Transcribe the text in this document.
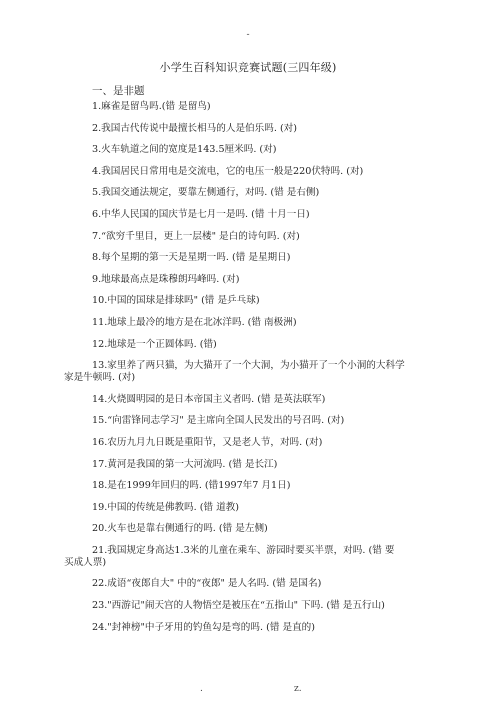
-
小学生百科知识竞赛试题(三四年级)
一、是非题
1.麻雀是留鸟吗.(错 是留鸟)
2.我国古代传说中最擅长相马的人是伯乐吗. (对)
3.火车轨道之间的宽度是143.5厘米吗. (对)
4.我国居民日常用电是交流电，它的电压一般是220伏特吗. (对)
5.我国交通法规定，要靠左侧通行，对吗. (错 是右侧)
6.中华人民国的国庆节是七月一是吗. (错 十月一日)
7.“欲穷千里目，更上一层楼" 是白的诗句吗. (对)
8.每个星期的第一天是星期一吗. (错 是星期日)
9.地球最高点是珠穆朗玛峰吗. (对)
10.中国的国球是排球吗" (错 是乒乓球)
11.地球上最冷的地方是在北冰洋吗. (错 南极洲)
12.地球是一个正圆体吗. (错)
13.家里养了两只猫，为大猫开了一个大洞，为小猫开了一个小洞的大科学
家是牛顿吗. (对)
14.火烧圆明园的是日本帝国主义者吗. (错 是英法联军)
15.“向雷锋同志学习" 是主席向全国人民发出的号召吗. (对)
16.农历九月九日既是重阳节，又是老人节，对吗. (对)
17.黄河是我国的第一大河流吗. (错 是长江)
18.是在1999年回归的吗. (错1997年7 月1日)
19.中国的传统是佛教吗. (错 道教)
20.火车也是靠右侧通行的吗. (错 是左侧)
21.我国规定身高达1.3米的儿童在乘车、游园时要买半票，对吗. (错 要
买成人票)
22.成语“夜郎自大" 中的“夜郎" 是人名吗. (错 是国名)
23."西游记"闹天宫的人物悟空是被压在“五指山" 下吗. (错 是五行山)
24."封神榜"中子牙用的钓鱼勾是弯的吗. (错 是直的)
.	z.
